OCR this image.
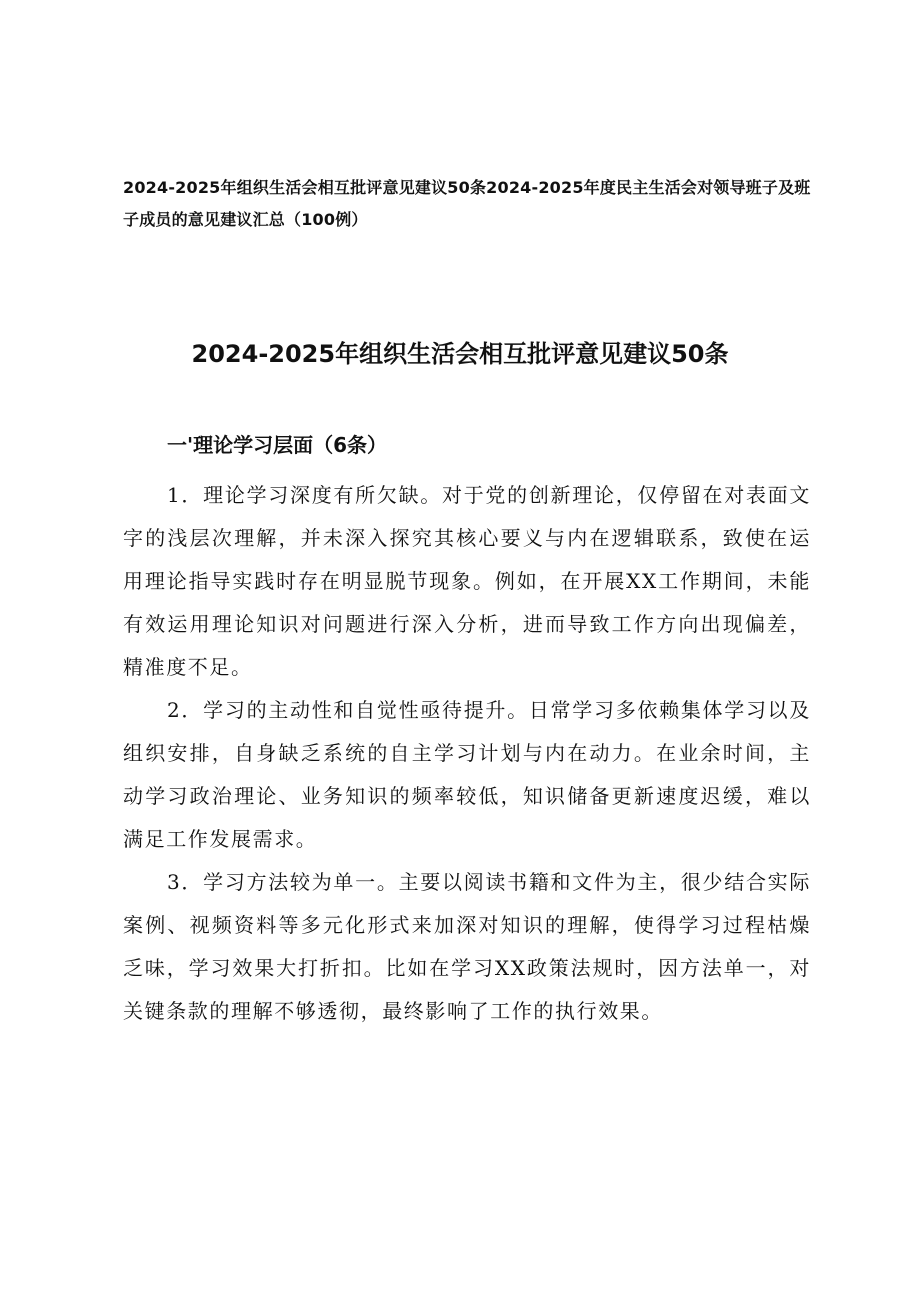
2024-2025年组织生活会相互批评意见建议50条2024-2025年度民主生活会对领导班子及班子成员的意见建议汇总（100例）
2024-2025年组织生活会相互批评意见建议50条
一'理论学习层面（6条）

1．理论学习深度有所欠缺。对于党的创新理论，仅停留在对表面文字的浅层次理解，并未深入探究其核心要义与内在逻辑联系，致使在运用理论指导实践时存在明显脱节现象。例如，在开展XX工作期间，未能有效运用理论知识对问题进行深入分析，进而导致工作方向出现偏差，精准度不足。

2．学习的主动性和自觉性亟待提升。日常学习多依赖集体学习以及组织安排，自身缺乏系统的自主学习计划与内在动力。在业余时间，主动学习政治理论、业务知识的频率较低，知识储备更新速度迟缓，难以满足工作发展需求。

3．学习方法较为单一。主要以阅读书籍和文件为主，很少结合实际案例、视频资料等多元化形式来加深对知识的理解，使得学习过程枯燥乏味，学习效果大打折扣。比如在学习XX政策法规时，因方法单一，对关键条款的理解不够透彻，最终影响了工作的执行效果。
